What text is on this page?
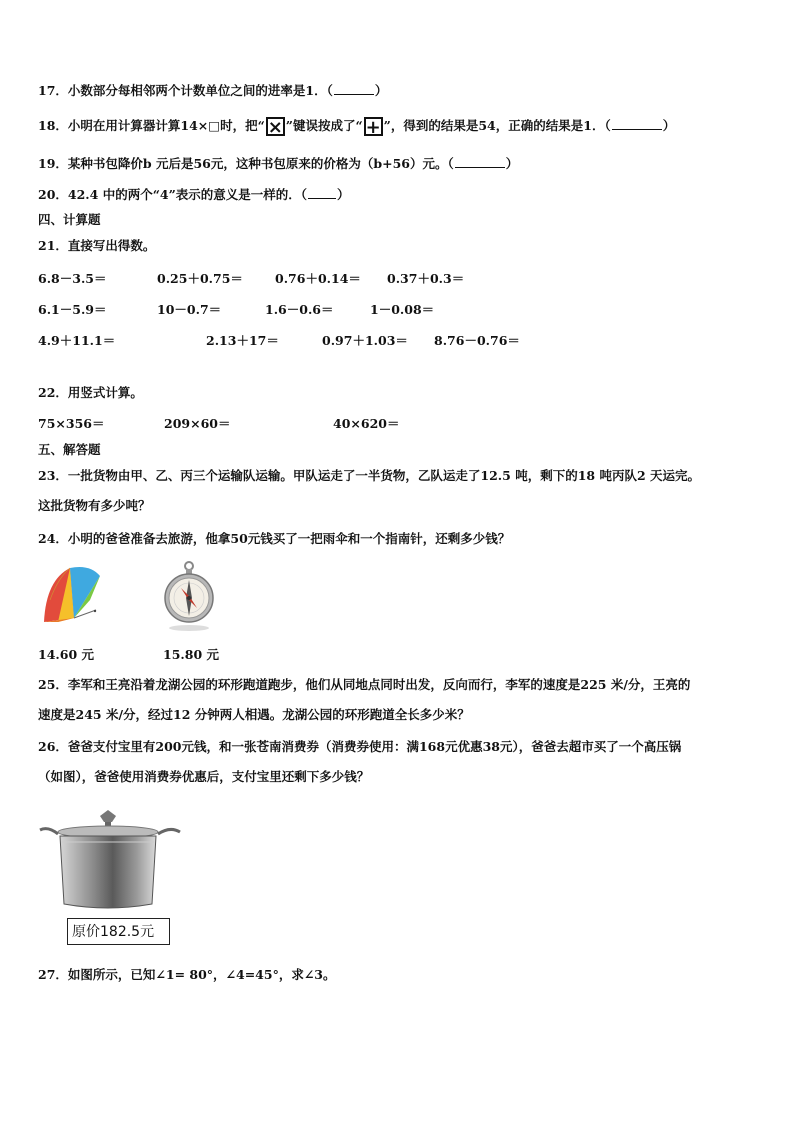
17．小数部分每相邻两个计数单位之间的进率是1．（	）
18．小明在用计算器计算14×□时，把“ × ”键误按成了“ + ”，得到的结果是54，正确的结果是1．（	）
19．某种书包降价b 元后是56元，这种书包原来的价格为（b+56）元。（	）
20．42.4 中的两个“4”表示的意义是一样的．（ ）
四、计算题
21．直接写出得数。
6.8－3.5＝	0.25＋0.75＝	0.76＋0.14＝ 0.37＋0.3＝
6.1－5.9＝	10－0.7＝	1.6－0.6＝	1－0.08＝
4.9＋11.1＝	2.13＋17＝	0.97＋1.03＝ 8.76－0.76＝
22．用竖式计算。
75×356＝	209×60＝	40×620＝
五、解答题
23．一批货物由甲、乙、丙三个运输队运输。甲队运走了一半货物，乙队运走了12.5 吨，剩下的18 吨丙队2 天运完。
这批货物有多少吨？
24．小明的爸爸准备去旅游，他拿50元钱买了一把雨伞和一个指南针，还剩多少钱？
14.60 元	15.80 元
25．李军和王亮沿着龙湖公园的环形跑道跑步，他们从同地点同时出发，反向而行，李军的速度是225 米/分，王亮的
速度是245 米/分，经过12 分钟两人相遇。龙湖公园的环形跑道全长多少米？
26．爸爸支付宝里有200元钱，和一张苍南消费券（消费券使用：满168元优惠38元），爸爸去超市买了一个高压锅
（如图），爸爸使用消费券优惠后，支付宝里还剩下多少钱？
原价182.5元
27．如图所示，已知∠1= 80°，∠4=45°，求∠3。
